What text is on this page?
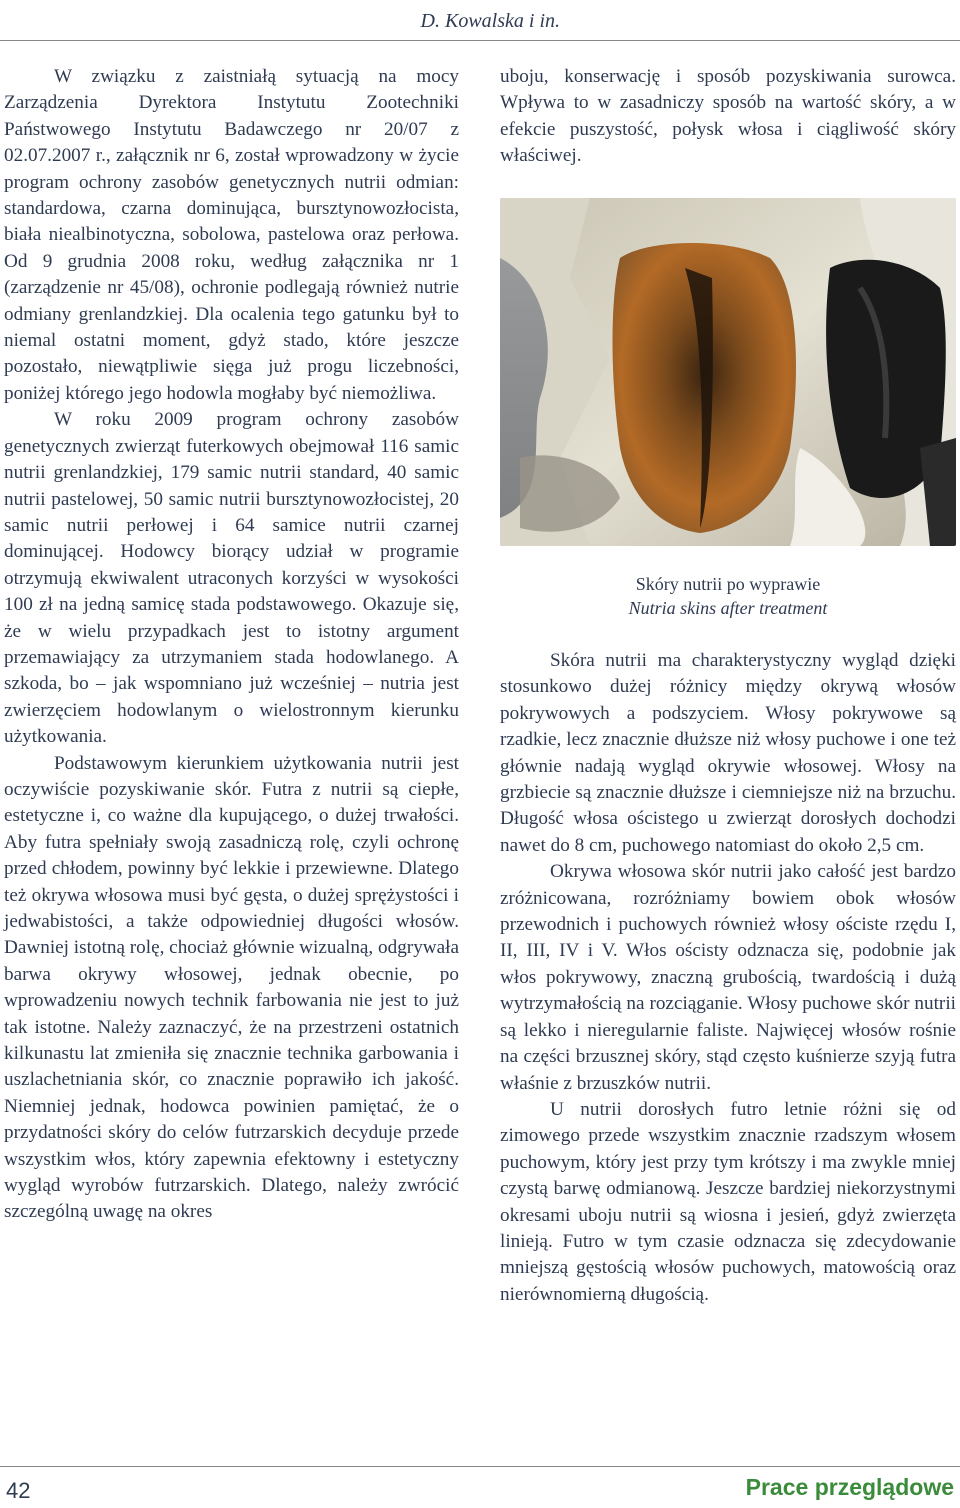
D. Kowalska i in.

W związku z zaistniałą sytuacją na mocy Zarządzenia Dyrektora Instytutu Zootechniki Państwowego Instytutu Badawczego nr 20/07 z 02.07.2007 r., załącznik nr 6, został wprowadzony w życie program ochrony zasobów genetycznych nutrii odmian: standardowa, czarna dominująca, bursztynowozłocista, biała niealbinotyczna, sobolowa, pastelowa oraz perłowa. Od 9 grudnia 2008 roku, według załącznika nr 1 (zarządzenie nr 45/08), ochronie podlegają również nutrie odmiany grenlandzkiej. Dla ocalenia tego gatunku był to niemal ostatni moment, gdyż stado, które jeszcze pozostało, niewątpliwie sięga już progu liczebności, poniżej którego jego hodowla mogłaby być niemożliwa.

W roku 2009 program ochrony zasobów genetycznych zwierząt futerkowych obejmował 116 samic nutrii grenlandzkiej, 179 samic nutrii standard, 40 samic nutrii pastelowej, 50 samic nutrii bursztynowozłocistej, 20 samic nutrii perłowej i 64 samice nutrii czarnej dominującej. Hodowcy biorący udział w programie otrzymują ekwiwalent utraconych korzyści w wysokości 100 zł na jedną samicę stada podstawowego. Okazuje się, że w wielu przypadkach jest to istotny argument przemawiający za utrzymaniem stada hodowlanego. A szkoda, bo – jak wspomniano już wcześniej – nutria jest zwierzęciem hodowlanym o wielostronnym kierunku użytkowania.

Podstawowym kierunkiem użytkowania nutrii jest oczywiście pozyskiwanie skór. Futra z nutrii są ciepłe, estetyczne i, co ważne dla kupującego, o dużej trwałości. Aby futra spełniały swoją zasadniczą rolę, czyli ochronę przed chłodem, powinny być lekkie i przewiewne. Dlatego też okrywa włosowa musi być gęsta, o dużej sprężystości i jedwabistości, a także odpowiedniej długości włosów. Dawniej istotną rolę, chociaż głównie wizualną, odgrywała barwa okrywy włosowej, jednak obecnie, po wprowadzeniu nowych technik farbowania nie jest to już tak istotne. Należy zaznaczyć, że na przestrzeni ostatnich kilkunastu lat zmieniła się znacznie technika garbowania i uszlachetniania skór, co znacznie poprawiło ich jakość. Niemniej jednak, hodowca powinien pamiętać, że o przydatności skóry do celów futrzarskich decyduje przede wszystkim włos, który zapewnia efektowny i estetyczny wygląd wyrobów futrzarskich. Dlatego, należy zwrócić szczególną uwagę na okres

uboju, konserwację i sposób pozyskiwania surowca. Wpływa to w zasadniczy sposób na wartość skóry, a w efekcie puszystość, połysk włosa i ciągliwość skóry właściwej.

Skóry nutrii po wyprawie
Nutria skins after treatment

Skóra nutrii ma charakterystyczny wygląd dzięki stosunkowo dużej różnicy między okrywą włosów pokrywowych a podszyciem. Włosy pokrywowe są rzadkie, lecz znacznie dłuższe niż włosy puchowe i one też głównie nadają wygląd okrywie włosowej. Włosy na grzbiecie są znacznie dłuższe i ciemniejsze niż na brzuchu. Długość włosa ościstego u zwierząt dorosłych dochodzi nawet do 8 cm, puchowego natomiast do około 2,5 cm.

Okrywa włosowa skór nutrii jako całość jest bardzo zróżnicowana, rozróżniamy bowiem obok włosów przewodnich i puchowych również włosy ościste rzędu I, II, III, IV i V. Włos ościsty odznacza się, podobnie jak włos pokrywowy, znaczną grubością, twardością i dużą wytrzymałością na rozciąganie. Włosy puchowe skór nutrii są lekko i nieregularnie faliste. Najwięcej włosów rośnie na części brzusznej skóry, stąd często kuśnierze szyją futra właśnie z brzuszków nutrii.

U nutrii dorosłych futro letnie różni się od zimowego przede wszystkim znacznie rzadszym włosem puchowym, który jest przy tym krótszy i ma zwykle mniej czystą barwę odmianową. Jeszcze bardziej niekorzystnymi okresami uboju nutrii są wiosna i jesień, gdyż zwierzęta linieją. Futro w tym czasie odznacza się zdecydowanie mniejszą gęstością włosów puchowych, matowością oraz nierównomierną długością.

42	Prace przeglądowe
